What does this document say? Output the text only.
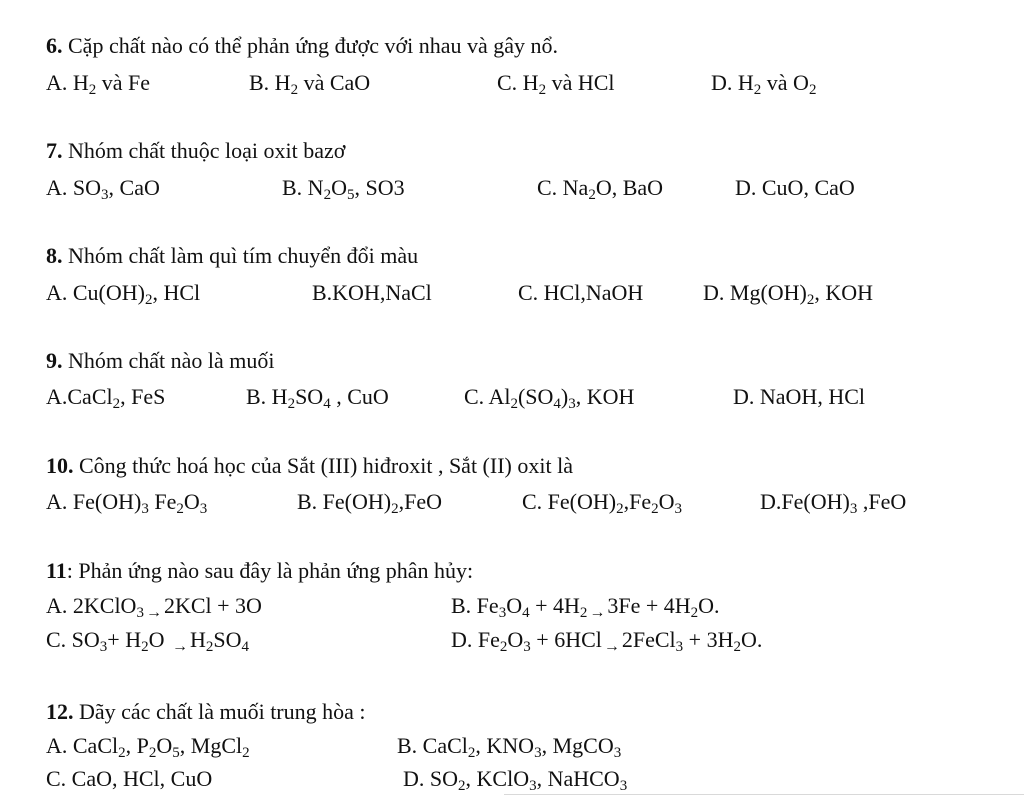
6. Cặp chất nào có thể phản ứng được với nhau và gây nổ.
A. $H_2$ và Fe	B. $H_2$ và CaO	C. $H_2$ và HCl	D. $H_2$ và $O_2$
7. Nhóm chất thuộc loại oxit bazơ
A. $SO_3$, CaO	B. $N_2O_5$, SO3	C. $Na_2O$, BaO	D. CuO, CaO
8. Nhóm chất làm quì tím chuyển đổi màu
A. $Cu(OH)_2$, HCl	B.KOH,NaCl	C. HCl,NaOH	D. $Mg(OH)_2$, KOH
9. Nhóm chất nào là muối
A.CaCl$_2$, FeS	B. $H_2SO_4$ , CuO	C. $Al_2(SO_4)_3$, KOH	D. NaOH, HCl
10. Công thức hoá học của Sắt (III) hiđroxit , Sắt (II) oxit là
A. $Fe(OH)_3$ $Fe_2O_3$	B. $Fe(OH)_2,FeO$	C. $Fe(OH)_2,Fe_2O_3$	$D.Fe(OH)_3$ ,FeO
11: Phản ứng nào sau đây là phản ứng phân hủy:
A. 2KClO$_3$ →2KCl + 3O	B. $Fe_3O_4 + 4H_2 \to 3Fe + 4H_2O$.
C. $SO_3+ H_2O \to H_2SO_4$	D. $Fe_2O_3 + 6HCl$ →2FeCl$_3$ + $3H_2O$.
12. Dãy các chất là muối trung hòa :
A. CaCl$_2$, $P_2O_5$, MgCl$_2$	B. CaCl$_2$, $KNO_3$, MgCO$_3$
C. CaO, HCl, CuO	D. $SO_2$, KClO$_3$, NaHCO$_3$
